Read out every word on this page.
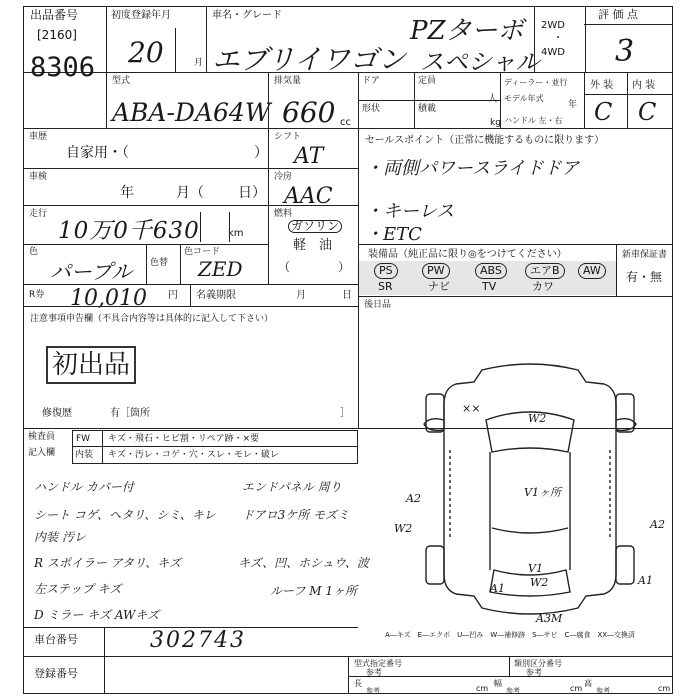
出品番号
[2160]
8306
初度登録年月
20	月
車名・グレード
PZターボ
エブリイワゴン スペシャル
2WD
・
4WD
評 価 点
3
型式
ABA-DA64W
排気量
660 cc
ドア	定員
人
形状	積載
kg
ディーラー・並行
モデル年式
年
ハンドル 左・右
外 装 内 装
C C
車歴
自家用・（	）
シフト
AT
車検
年	月（ 日）
冷房
AAC
走行
10万0千630	km
燃料
ガソリン
軽　油
（　　　　）
色
パープル 色替
色コード
ZED
R券 10,010 円 名義期限	月	日
注意事項申告欄（不具合内容等は具体的に記入して下さい）
初出品
修復歴	有［箇所	］
セールスポイント（正常に機能するものに限ります）
・両側パワースライドドア
・キーレス
・ETC
装備品（純正品に限り◎をつけてください）
PS	PW	ABS	エアB	AW
SR	ナビ	TV	カワ
新車保証書
有・無
後日品
検査員
記入欄
FW キズ・飛石・ヒビ割・リペア跡・×要
内装 キズ・汚レ・コゲ・穴・スレ・モレ・破レ
ハンドル カバー付	エンドパネル 周り
シート コゲ、ヘタリ、シミ、キレ ドアロ3ケ所 モズミ
内装 汚レ
R スポイラー アタリ、キズ	キズ、凹、ホシュウ、波
左ステップ キズ	ルーフ M 1ヶ所
D ミラー キズ AWキズ
××
W2
V1ヶ所
A2
W2	A2
V1
A1
W2
A1
A3M
A―キズ　E―エクボ　U―凹み　W―補修跡　S―サビ　C―腐食　XX―交換済
車台番号	302743
登録番号
型式指定番号
参考
類別区分番号
参考
長
参考	cm
幅
参考	cm
高
参考	cm
